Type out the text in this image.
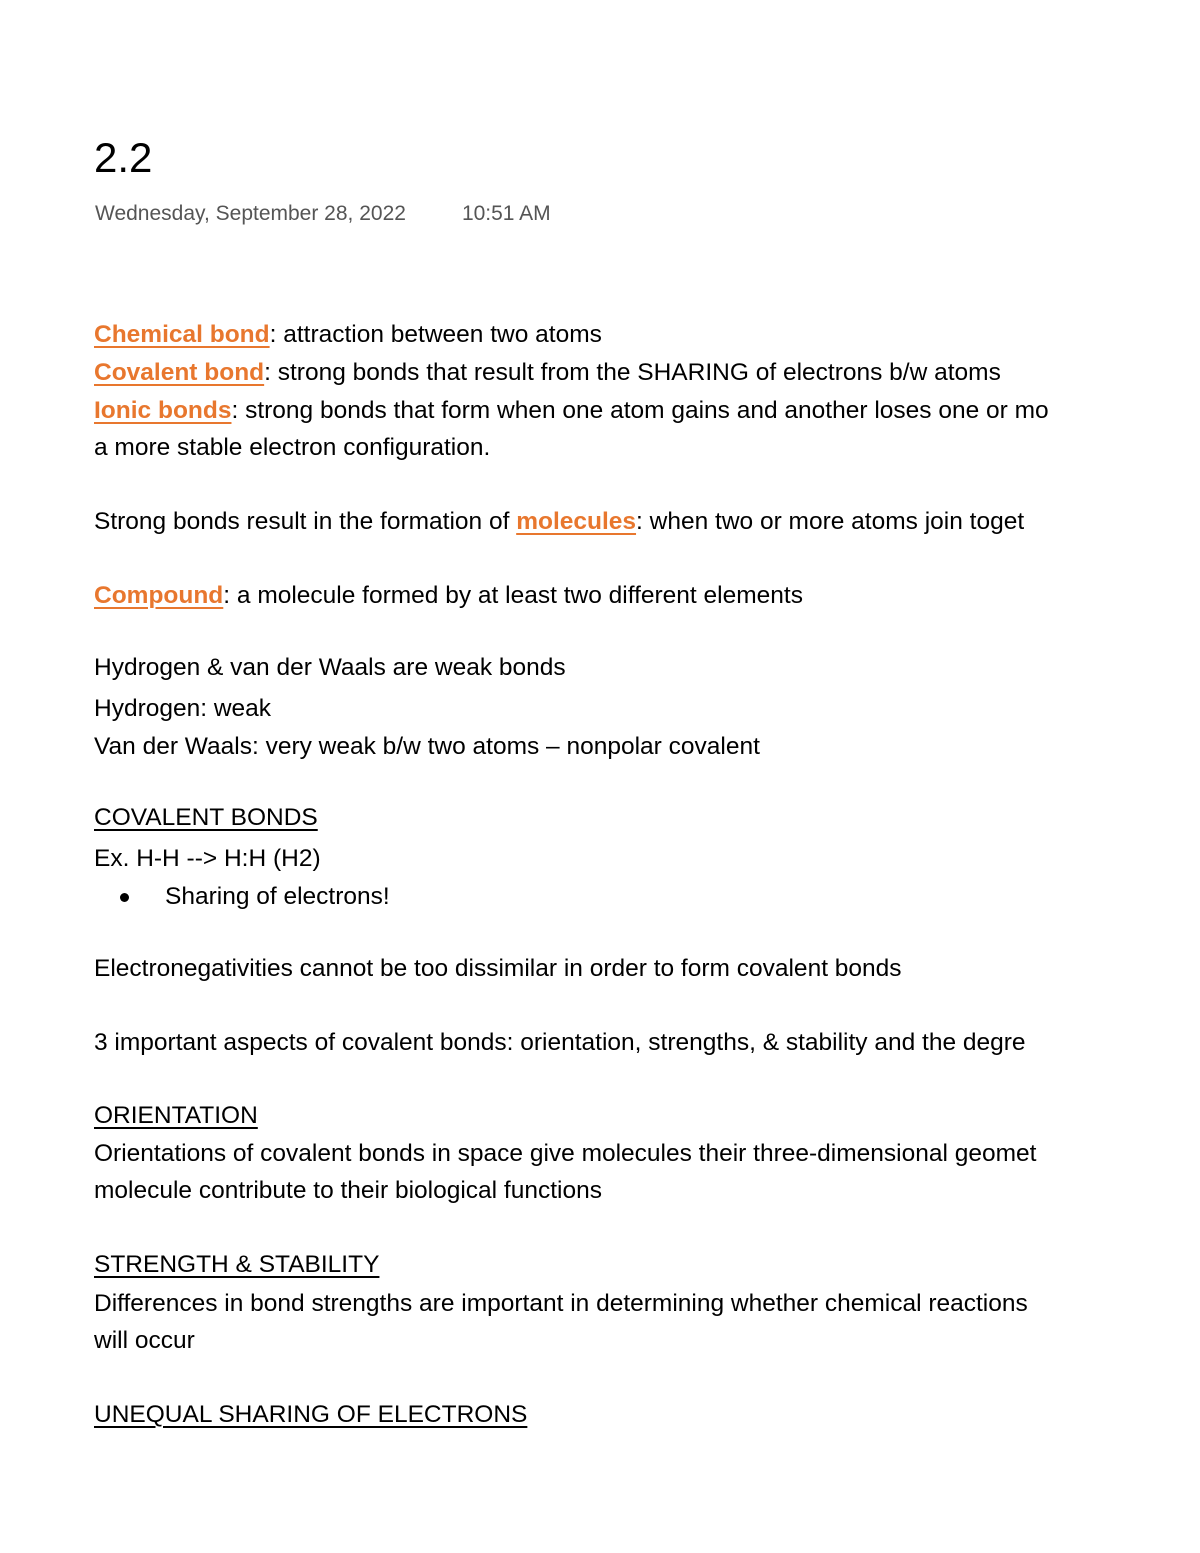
2.2
Wednesday, September 28, 2022	10:51 AM
Chemical bond: attraction between two atoms
Covalent bond: strong bonds that result from the SHARING of electrons b/w atoms
Ionic bonds: strong bonds that form when one atom gains and another loses one or mo
a more stable electron configuration.
Strong bonds result in the formation of molecules: when two or more atoms join toget
Compound: a molecule formed by at least two different elements
Hydrogen & van der Waals are weak bonds
Hydrogen: weak
Van der Waals: very weak b/w two atoms – nonpolar covalent
COVALENT BONDS
Ex. H-H --> H:H (H2)
Sharing of electrons!
Electronegativities cannot be too dissimilar in order to form covalent bonds
3 important aspects of covalent bonds: orientation, strengths, & stability and the degre
ORIENTATION
Orientations of covalent bonds in space give molecules their three-dimensional geomet
molecule contribute to their biological functions
STRENGTH & STABILITY
Differences in bond strengths are important in determining whether chemical reactions
will occur
UNEQUAL SHARING OF ELECTRONS
